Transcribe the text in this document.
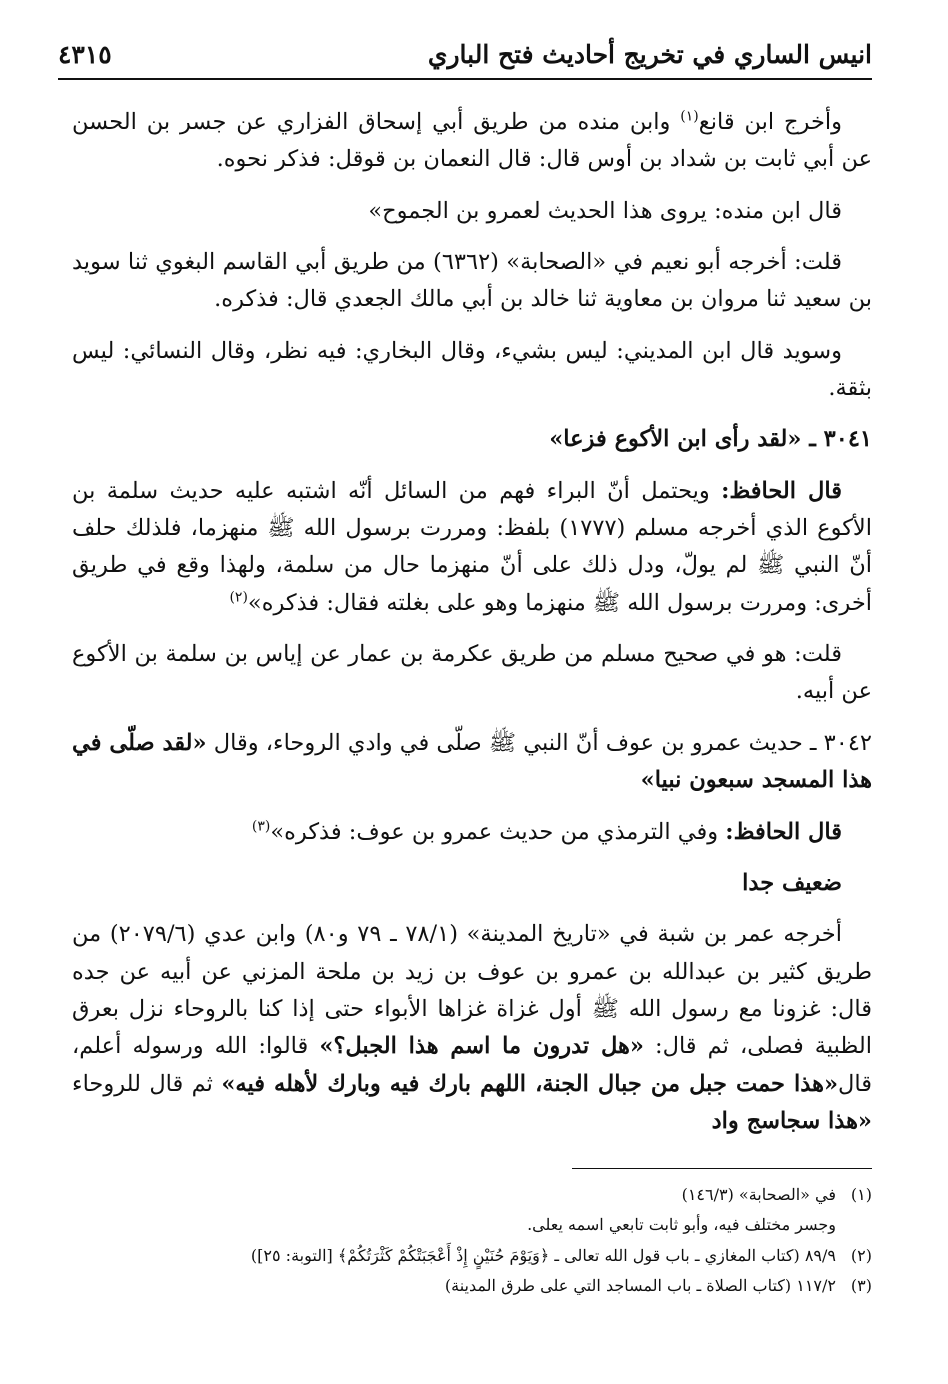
انيس الساري في تخريج أحاديث فتح الباري
٤٣١٥

وأخرج ابن قانع$^{(١)}$ وابن منده من طريق أبي إسحاق الفزاري عن جسر بن الحسن عن أبي ثابت بن شداد بن أوس قال: قال النعمان بن قوقل: فذكر نحوه.

قال ابن منده: يروى هذا الحديث لعمرو بن الجموح»

قلت: أخرجه أبو نعيم في «الصحابة» (٦٣٦٢) من طريق أبي القاسم البغوي ثنا سويد بن سعيد ثنا مروان بن معاوية ثنا خالد بن أبي مالك الجعدي قال: فذكره.

وسويد قال ابن المديني: ليس بشيء، وقال البخاري: فيه نظر، وقال النسائي: ليس بثقة.

٣٠٤١ ـ «لقد رأى ابن الأكوع فزعا»

قال الحافظ: ويحتمل أنّ البراء فهم من السائل أنّه اشتبه عليه حديث سلمة بن الأكوع الذي أخرجه مسلم (١٧٧٧) بلفظ: ومررت برسول الله ﷺ منهزما، فلذلك حلف أنّ النبي ﷺ لم يولّ، ودل ذلك على أنّ منهزما حال من سلمة، ولهذا وقع في طريق أخرى: ومررت برسول الله ﷺ منهزما وهو على بغلته فقال: فذكره»$^{(٢)}$

قلت: هو في صحيح مسلم من طريق عكرمة بن عمار عن إياس بن سلمة بن الأكوع عن أبيه.

٣٠٤٢ ـ حديث عمرو بن عوف أنّ النبي ﷺ صلّى في وادي الروحاء، وقال «لقد صلّى في هذا المسجد سبعون نبيا»

قال الحافظ: وفي الترمذي من حديث عمرو بن عوف: فذكره»$^{(٣)}$

ضعيف جدا

أخرجه عمر بن شبة في «تاريخ المدينة» (٧٨/١ ـ ٧٩ و٨٠) وابن عدي (٢٠٧٩/٦) من طريق كثير بن عبدالله بن عمرو بن عوف بن زيد بن ملحة المزني عن أبيه عن جده قال: غزونا مع رسول الله ﷺ أول غزاة غزاها الأبواء حتى إذا كنا بالروحاء نزل بعرق الظبية فصلى، ثم قال: «هل تدرون ما اسم هذا الجبل؟» قالوا: الله ورسوله أعلم، قال«هذا حمت جبل من جبال الجنة، اللهم بارك فيه وبارك لأهله فيه» ثم قال للروحاء «هذا سجاسج واد

(١)في «الصحابة» (١٤٦/٣)
وجسر مختلف فيه، وأبو ثابت تابعي اسمه يعلى.
(٢)٨٩/٩ (كتاب المغازي ـ باب قول الله تعالى ـ ﴿وَيَوْمَ حُنَيْنٍ إِذْ أَعْجَبَتْكُمْ كَثْرَتُكُمْ﴾ [التوبة: ٢٥])
(٣)١١٧/٢ (كتاب الصلاة ـ باب المساجد التي على طرق المدينة)
